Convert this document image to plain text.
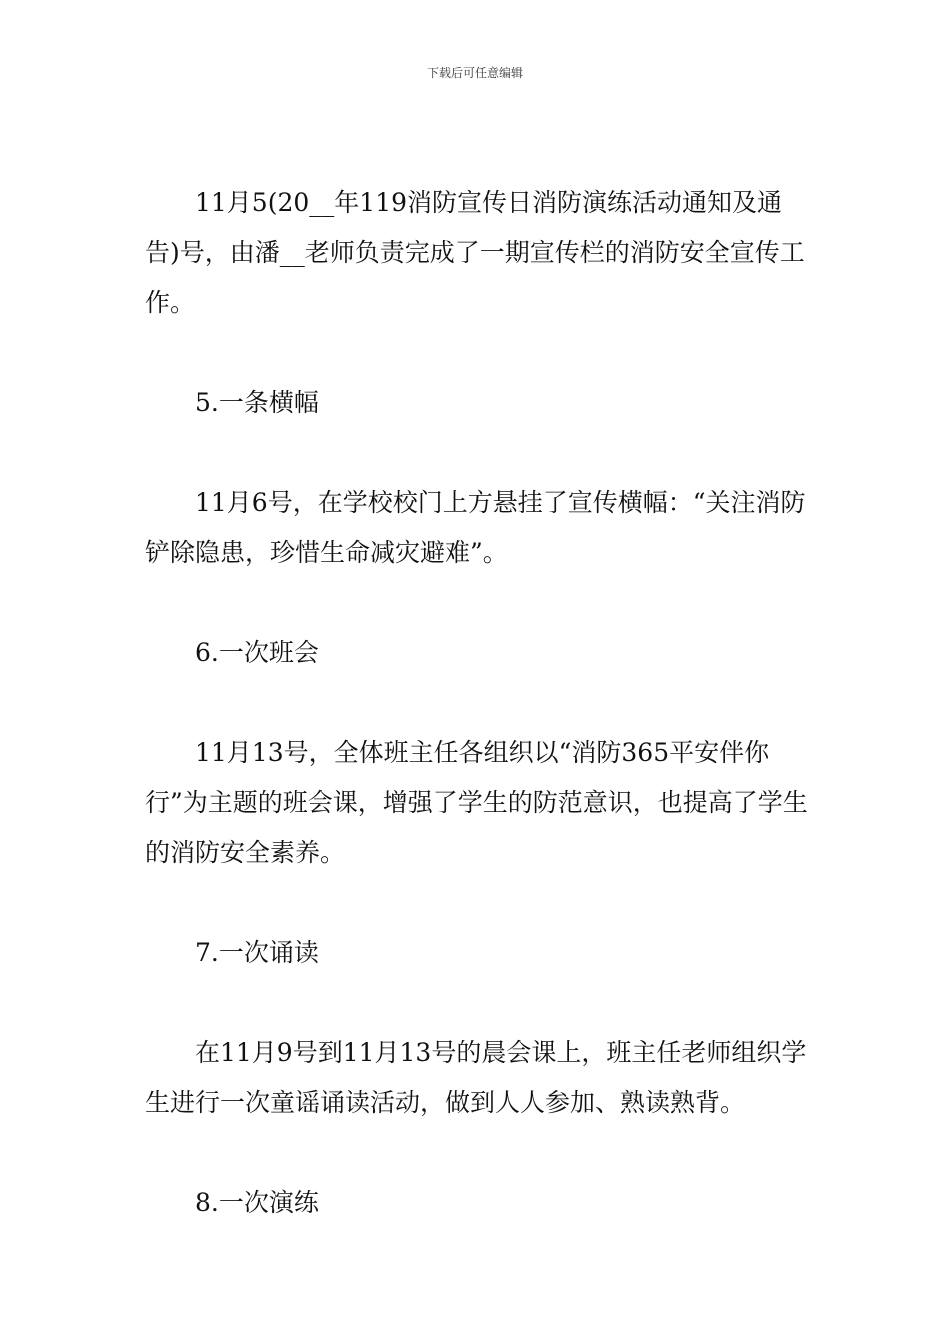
下载后可任意编辑

11月5(20__年119消防宣传日消防演练活动通知及通告)号，由潘__老师负责完成了一期宣传栏的消防安全宣传工作。

5.一条横幅

11月6号，在学校校门上方悬挂了宣传横幅：“关注消防铲除隐患，珍惜生命减灾避难”。

6.一次班会

11月13号，全体班主任各组织以“消防365平安伴你行”为主题的班会课，增强了学生的防范意识，也提高了学生的消防安全素养。

7.一次诵读

在11月9号到11月13号的晨会课上，班主任老师组织学生进行一次童谣诵读活动，做到人人参加、熟读熟背。

8.一次演练
